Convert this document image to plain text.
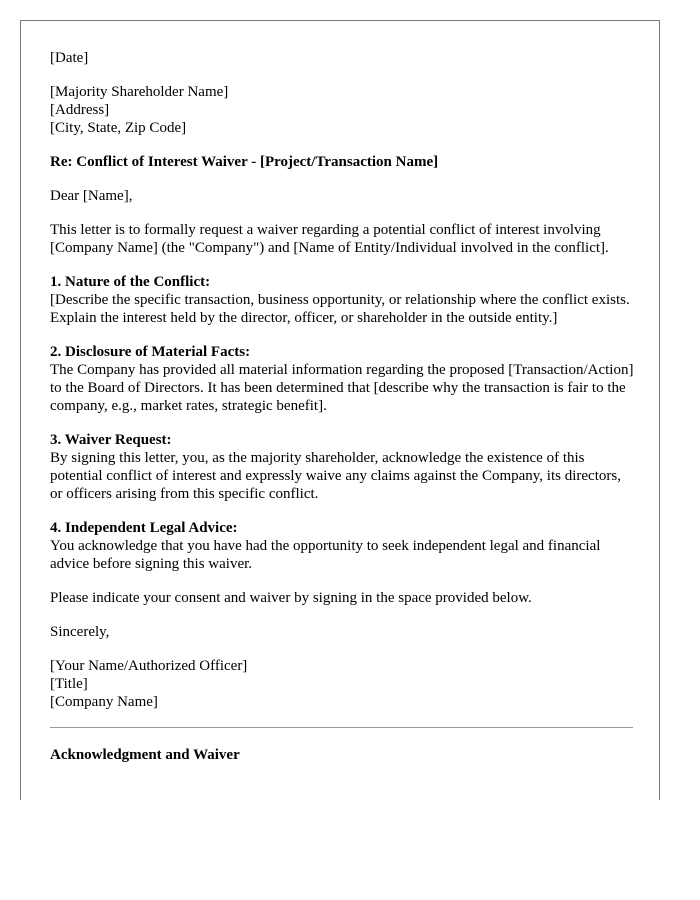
[Date]
[Majority Shareholder Name]
[Address]
[City, State, Zip Code]
Re: Conflict of Interest Waiver - [Project/Transaction Name]
Dear [Name],
This letter is to formally request a waiver regarding a potential conflict of interest involving [Company Name] (the "Company") and [Name of Entity/Individual involved in the conflict].
1. Nature of the Conflict:
[Describe the specific transaction, business opportunity, or relationship where the conflict exists. Explain the interest held by the director, officer, or shareholder in the outside entity.]
2. Disclosure of Material Facts:
The Company has provided all material information regarding the proposed [Transaction/Action] to the Board of Directors. It has been determined that [describe why the transaction is fair to the company, e.g., market rates, strategic benefit].
3. Waiver Request:
By signing this letter, you, as the majority shareholder, acknowledge the existence of this potential conflict of interest and expressly waive any claims against the Company, its directors, or officers arising from this specific conflict.
4. Independent Legal Advice:
You acknowledge that you have had the opportunity to seek independent legal and financial advice before signing this waiver.
Please indicate your consent and waiver by signing in the space provided below.
Sincerely,
[Your Name/Authorized Officer]
[Title]
[Company Name]
Acknowledgment and Waiver
